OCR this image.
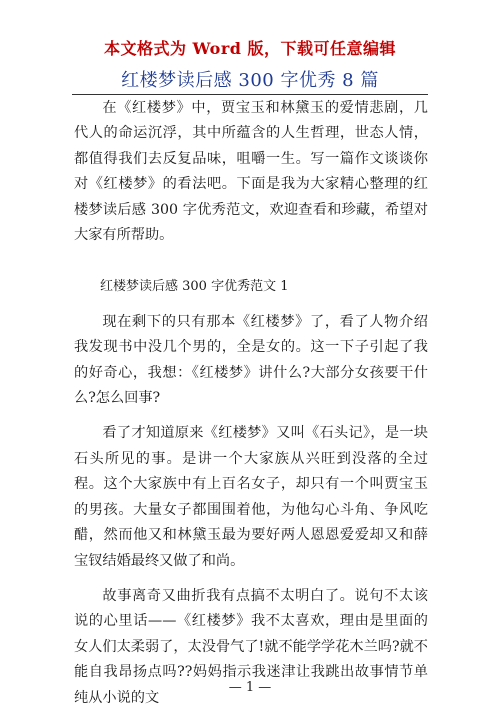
本文格式为 Word 版，下载可任意编辑
红楼梦读后感 300 字优秀 8 篇

在《红楼梦》中，贾宝玉和林黛玉的爱情悲剧，几代人的命运沉浮，其中所蕴含的人生哲理，世态人情，都值得我们去反复品味，咀嚼一生。写一篇作文谈谈你对《红楼梦》的看法吧。下面是我为大家精心整理的红楼梦读后感 300 字优秀范文，欢迎查看和珍藏，希望对大家有所帮助。

红楼梦读后感 300 字优秀范文 1

现在剩下的只有那本《红楼梦》了，看了人物介绍我发现书中没几个男的，全是女的。这一下子引起了我的好奇心，我想：《红楼梦》讲什么?大部分女孩要干什么?怎么回事?

看了才知道原来《红楼梦》又叫《石头记》，是一块石头所见的事。是讲一个大家族从兴旺到没落的全过程。这个大家族中有上百名女子，却只有一个叫贾宝玉的男孩。大量女子都围围着他，为他勾心斗角、争风吃醋，然而他又和林黛玉最为要好两人恩恩爱爱却又和薛宝钗结婚最终又做了和尚。

故事离奇又曲折我有点搞不太明白了。说句不太该说的心里话——《红楼梦》我不太喜欢，理由是里面的女人们太柔弱了，太没骨气了!就不能学学花木兰吗?就不能自我昂扬点吗??妈妈指示我迷津让我跳出故事情节单纯从小说的文

— 1 —
